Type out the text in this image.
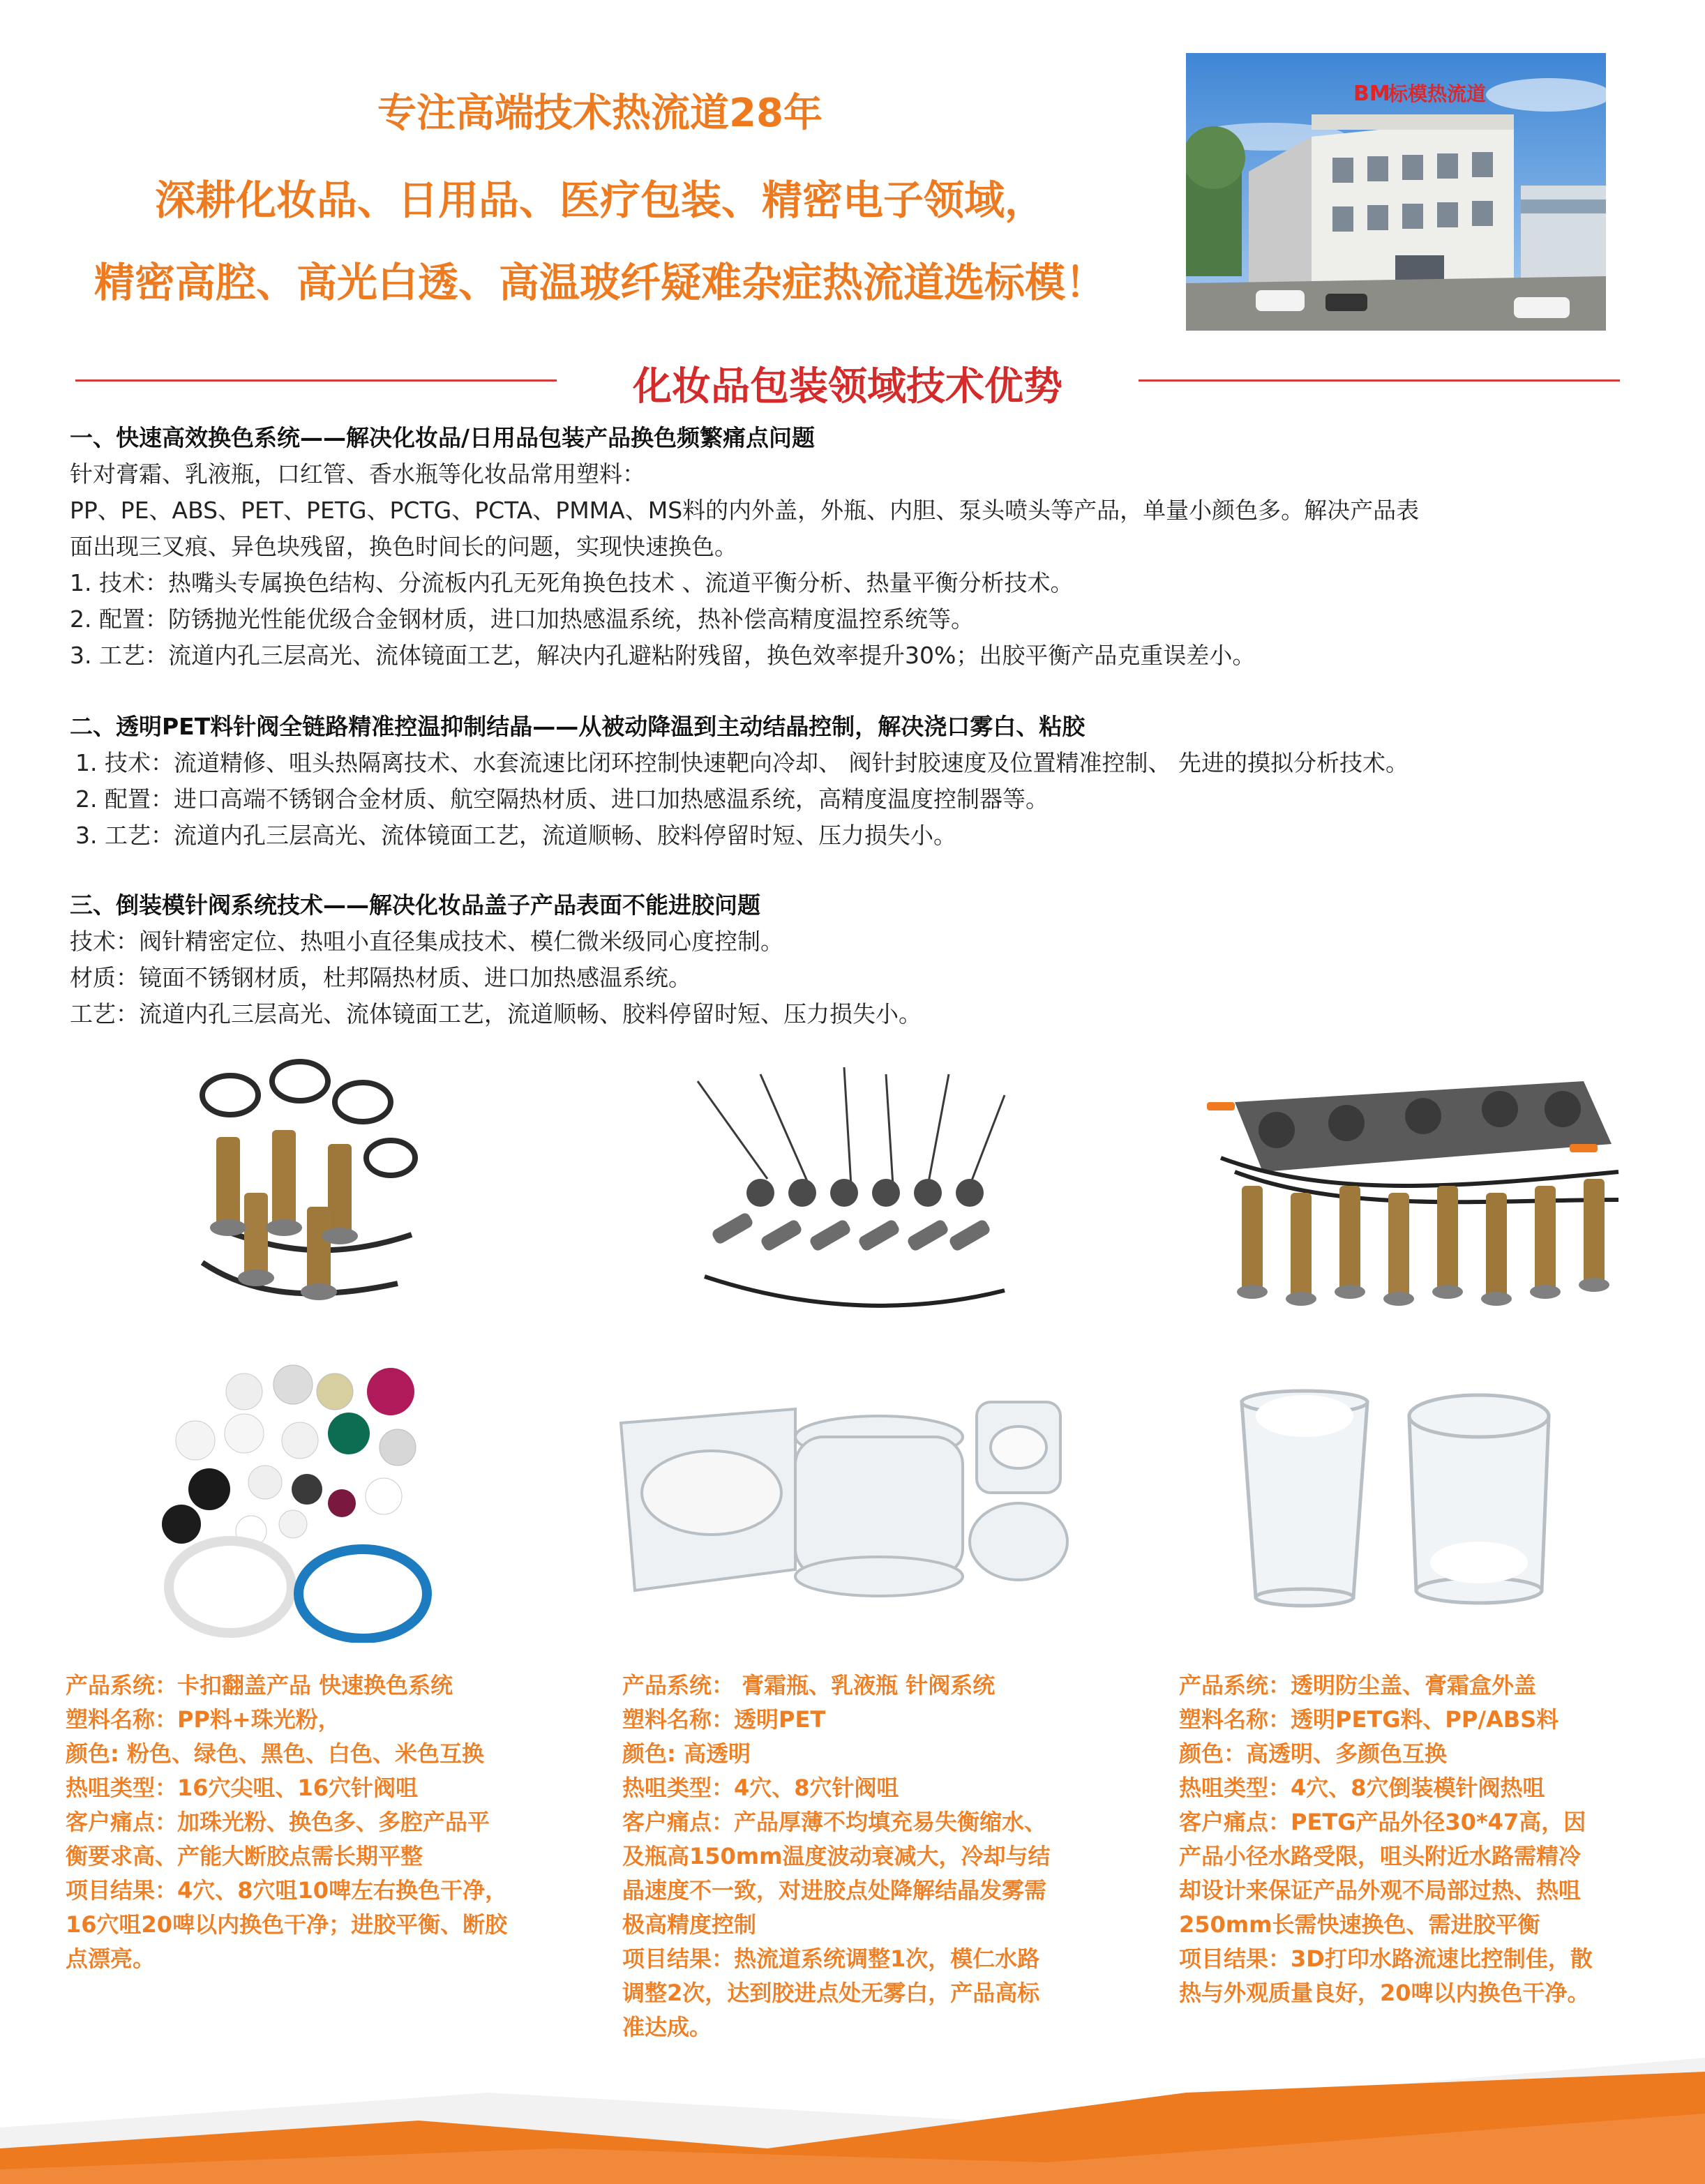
专注高端技术热流道28年
深耕化妆品、日用品、医疗包装、精密电子领域，
精密高腔、高光白透、高温玻纤疑难杂症热流道选标模！
BM
标模热流道
化妆品包装领域技术优势
一、快速高效换色系统——解决化妆品/日用品包装产品换色频繁痛点问题
针对膏霜、乳液瓶，口红管、香水瓶等化妆品常用塑料：
PP、PE、ABS、PET、PETG、PCTG、PCTA、PMMA、MS料的内外盖，外瓶、内胆、泵头喷头等产品，单量小颜色多。解决产品表
面出现三叉痕、异色块残留，换色时间长的问题，实现快速换色。
1. 技术：热嘴头专属换色结构、分流板内孔无死角换色技术 、流道平衡分析、热量平衡分析技术。
2. 配置：防锈抛光性能优级合金钢材质，进口加热感温系统，热补偿高精度温控系统等。
3. 工艺：流道内孔三层高光、流体镜面工艺，解决内孔避粘附残留，换色效率提升30%；出胶平衡产品克重误差小。
二、透明PET料针阀全链路精准控温抑制结晶——从被动降温到主动结晶控制，解决浇口雾白、粘胶
1. 技术：流道精修、咀头热隔离技术、水套流速比闭环控制快速靶向冷却、 阀针封胶速度及位置精准控制、 先进的摸拟分析技术。
2. 配置：进口高端不锈钢合金材质、航空隔热材质、进口加热感温系统，高精度温度控制器等。
3. 工艺：流道内孔三层高光、流体镜面工艺，流道顺畅、胶料停留时短、压力损失小。
三、倒装模针阀系统技术——解决化妆品盖子产品表面不能进胶问题
技术：阀针精密定位、热咀小直径集成技术、模仁微米级同心度控制。
材质：镜面不锈钢材质，杜邦隔热材质、进口加热感温系统。
工艺：流道内孔三层高光、流体镜面工艺，流道顺畅、胶料停留时短、压力损失小。
产品系统：卡扣翻盖产品 快速换色系统
塑料名称：PP料+珠光粉，
颜色: 粉色、绿色、黑色、白色、米色互换
热咀类型：16穴尖咀、16穴针阀咀
客户痛点：加珠光粉、换色多、多腔产品平
衡要求高、产能大断胶点需长期平整
项目结果：4穴、8穴咀10啤左右换色干净，
16穴咀20啤以内换色干净；进胶平衡、断胶
点漂亮。
产品系统： 膏霜瓶、乳液瓶 针阀系统
塑料名称：透明PET
颜色: 高透明
热咀类型：4穴、8穴针阀咀
客户痛点：产品厚薄不均填充易失衡缩水、
及瓶高150mm温度波动衰减大，冷却与结
晶速度不一致，对进胶点处降解结晶发雾需
极高精度控制
项目结果：热流道系统调整1次，模仁水路
调整2次，达到胶进点处无雾白，产品高标
准达成。
产品系统：透明防尘盖、膏霜盒外盖
塑料名称：透明PETG料、PP/ABS料
颜色：高透明、多颜色互换
热咀类型：4穴、8穴倒装模针阀热咀
客户痛点：PETG产品外径30*47高，因
产品小径水路受限，咀头附近水路需精冷
却设计来保证产品外观不局部过热、热咀
250mm长需快速换色、需进胶平衡
项目结果：3D打印水路流速比控制佳，散
热与外观质量良好，20啤以内换色干净。
